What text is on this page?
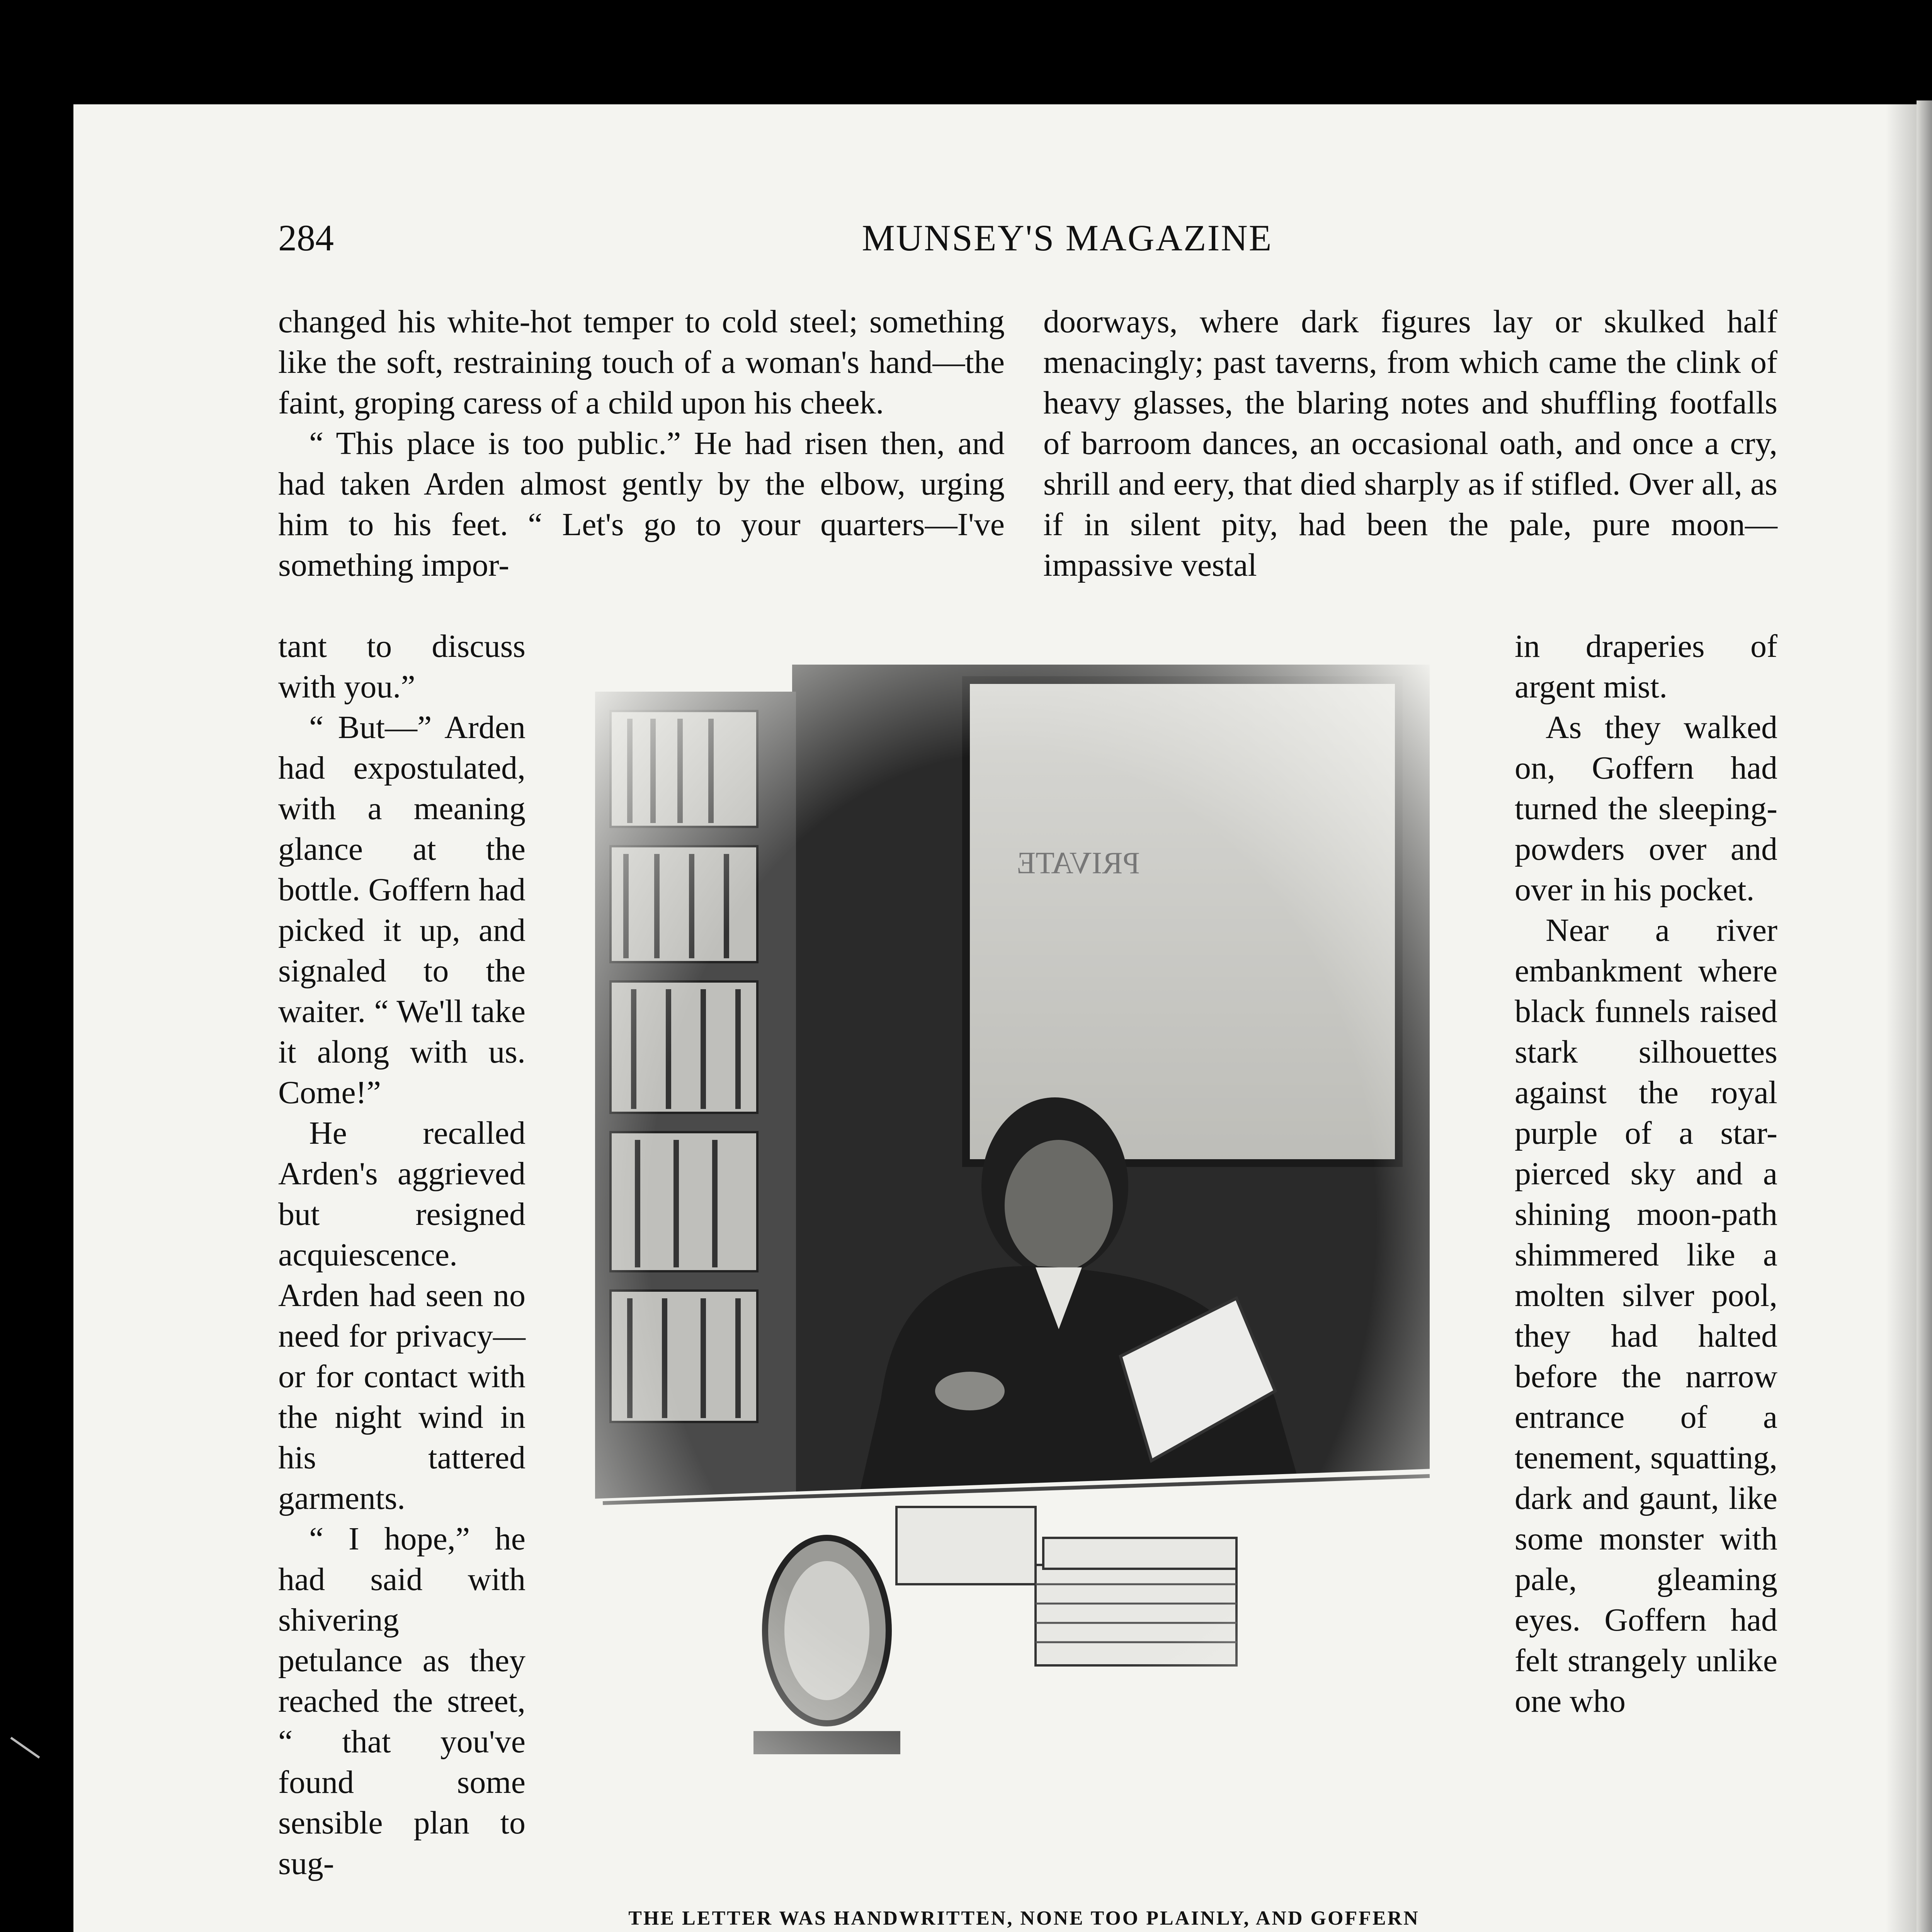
284	MUNSEY'S MAGAZINE

changed his white-hot temper to cold steel; something like the soft, restraining touch of a woman's hand—the faint, groping caress of a child upon his cheek.

“ This place is too public.” He had risen then, and had taken Arden almost gently by the elbow, urging him to his feet. “ Let's go to your quarters—I've something impor-

tant to discuss with you.”

“ But—” Arden had expostulated, with a meaning glance at the bottle. Goffern had picked it up, and signaled to the waiter. “ We'll take it along with us. Come!”

He recalled Arden's aggrieved but resigned acquiescence. Arden had seen no need for privacy—or for contact with the night wind in his tattered garments.

“ I hope,” he had said with shivering petulance as they reached the street, “ that you've found some sensible plan to sug-

doorways, where dark figures lay or skulked half menacingly; past taverns, from which came the clink of heavy glasses, the blaring notes and shuffling footfalls of barroom dances, an occasional oath, and once a cry, shrill and eery, that died sharply as if stifled. Over all, as if in silent pity, had been the pale, pure moon—impassive vestal

in draperies of argent mist.

As they walked on, Goffern had turned the sleeping-powders over and over in his pocket.

Near a river embankment where black funnels raised stark silhouettes against the royal purple of a star-pierced sky and a shining moon-path shimmered like a molten silver pool, they had halted before the narrow entrance of a tenement, squatting, dark and gaunt, like some monster with pale, gleaming eyes. Goffern had felt strangely unlike one who

THE LETTER WAS HANDWRITTEN, NONE TOO PLAINLY, AND GOFFERN
